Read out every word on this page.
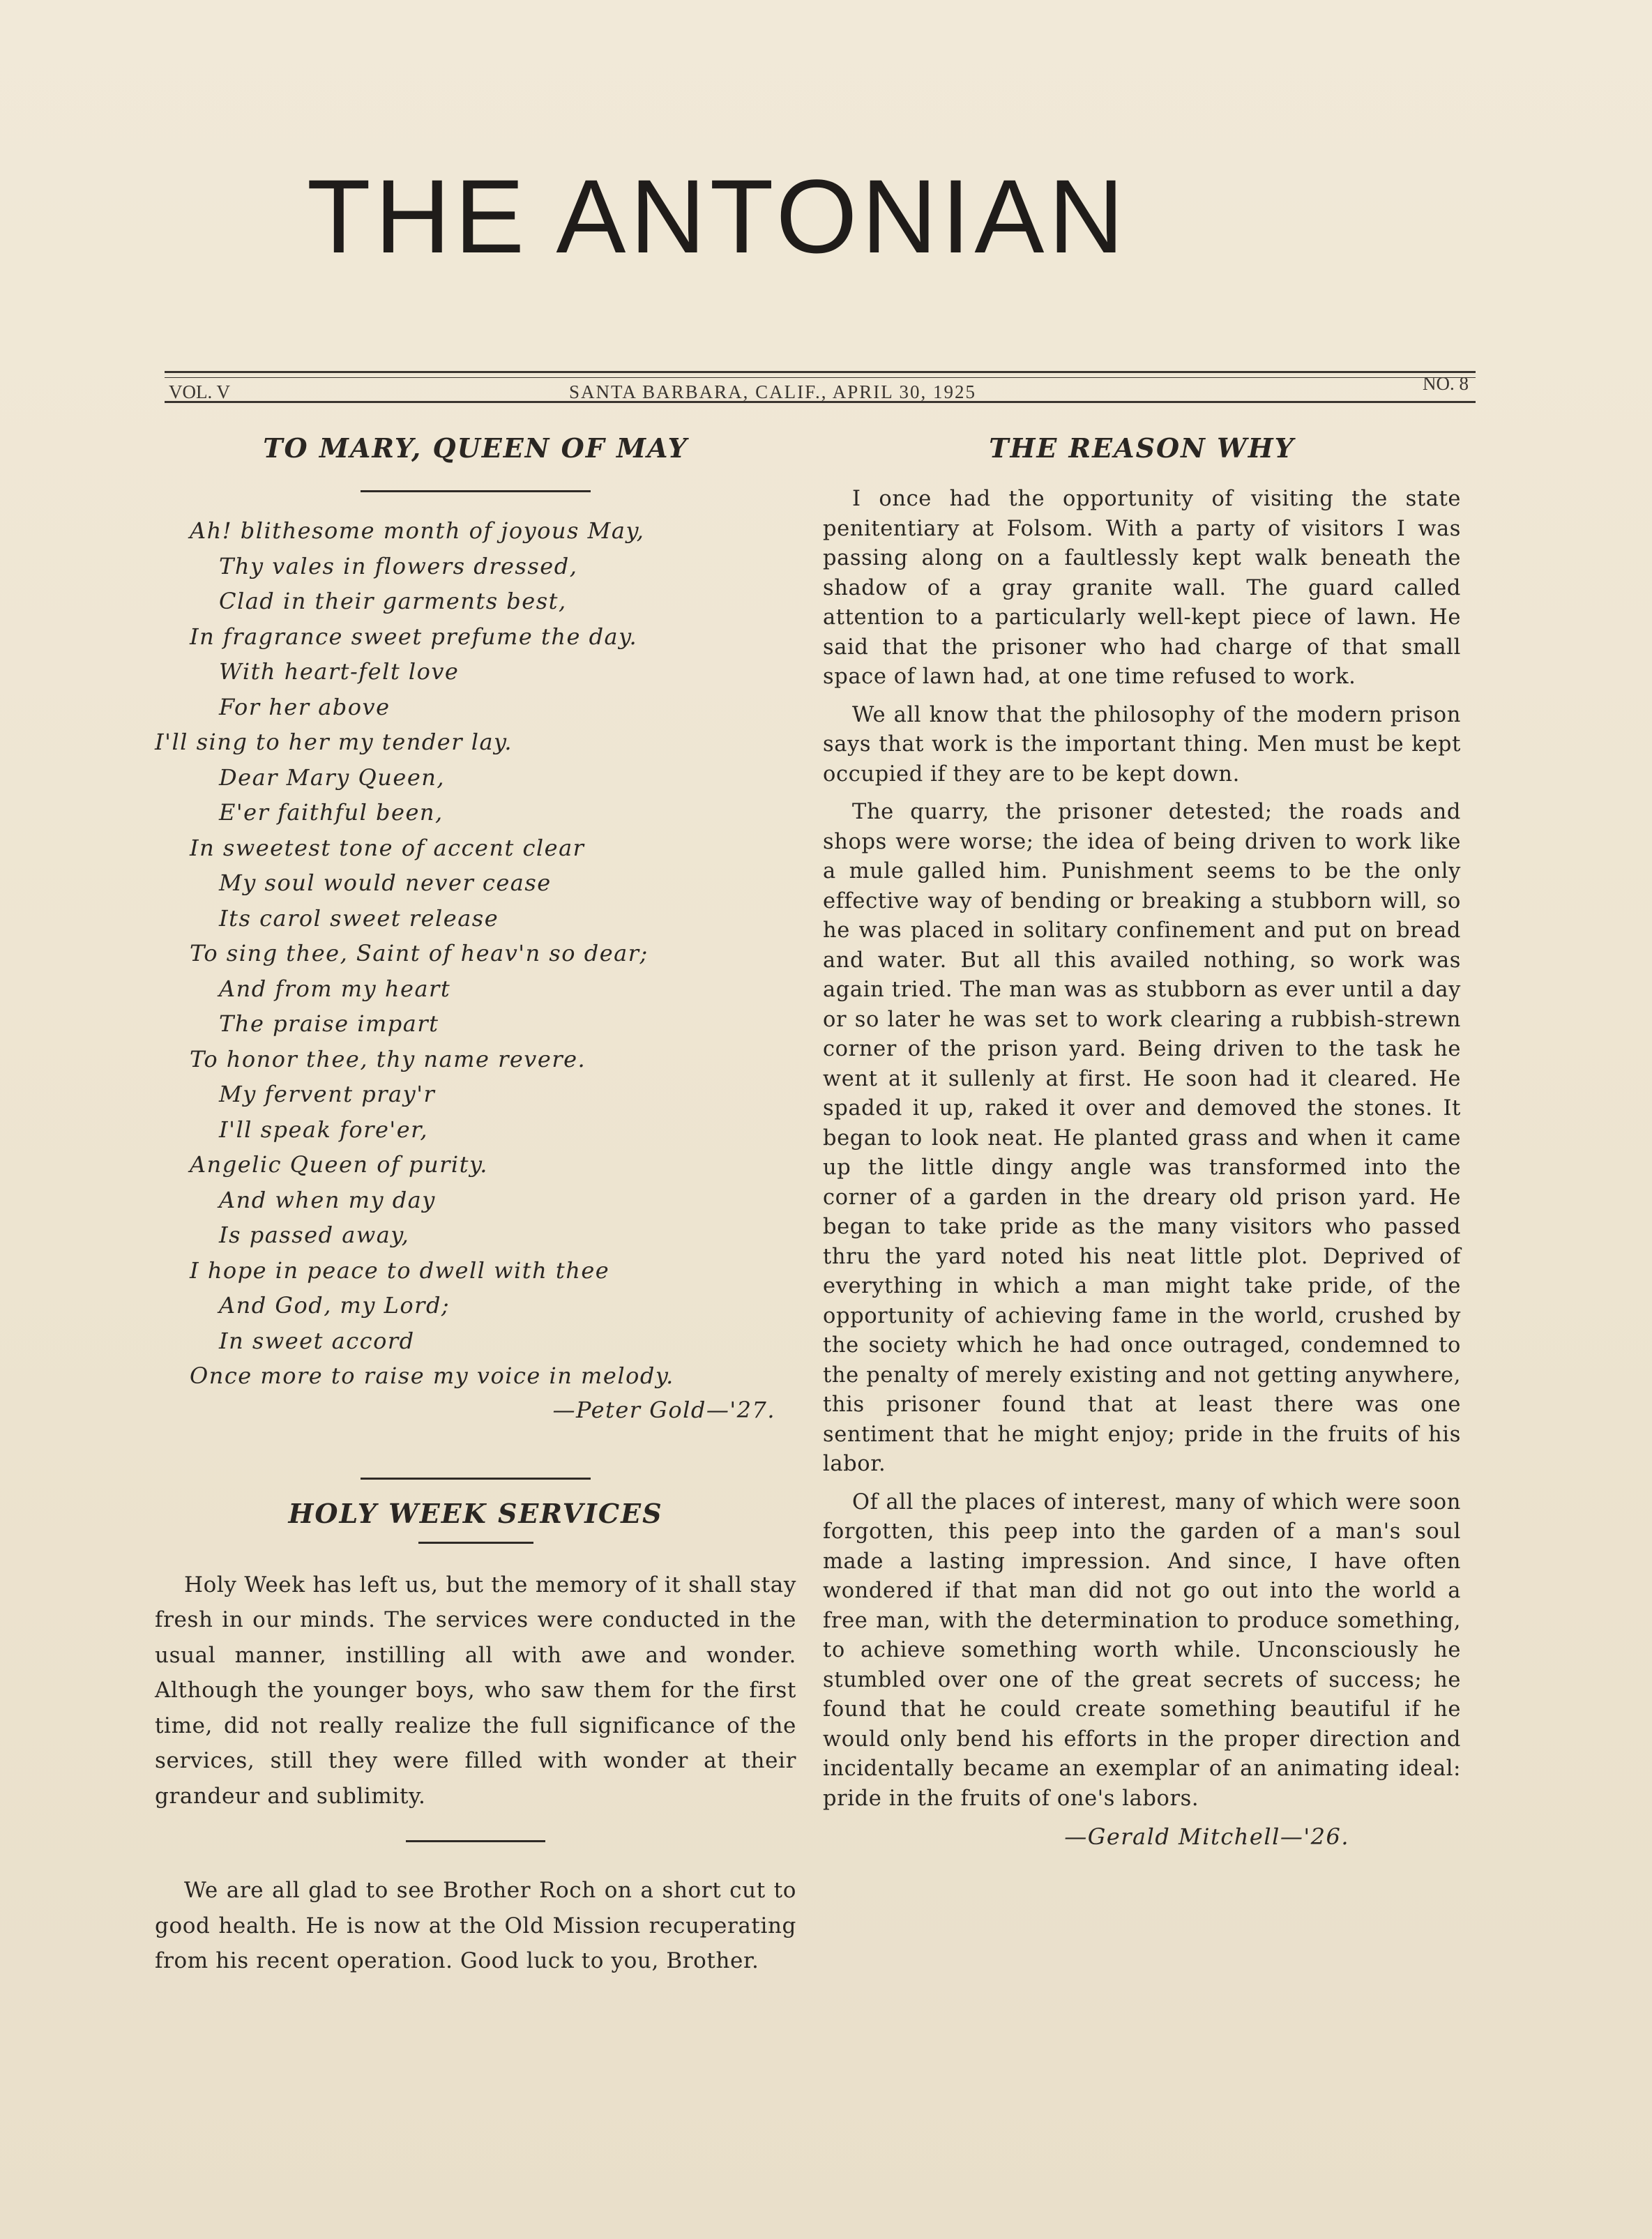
THE ANTONIAN
VOL. V	SANTA BARBARA, CALIF., APRIL 30, 1925	NO. 8
TO MARY, QUEEN OF MAY
Ah! blithesome month of joyous May,
Thy vales in flowers dressed,
Clad in their garments best,
In fragrance sweet prefume the day.
With heart-felt love
For her above
I'll sing to her my tender lay.
Dear Mary Queen,
E'er faithful been,
In sweetest tone of accent clear
My soul would never cease
Its carol sweet release
To sing thee, Saint of heav'n so dear;
And from my heart
The praise impart
To honor thee, thy name revere.
My fervent pray'r
I'll speak fore'er,
Angelic Queen of purity.
And when my day
Is passed away,
I hope in peace to dwell with thee
And God, my Lord;
In sweet accord
Once more to raise my voice in melody.
—Peter Gold—'27.
HOLY WEEK SERVICES

Holy Week has left us, but the memory of it shall stay fresh in our minds. The services were conducted in the usual manner, instilling all with awe and wonder. Although the younger boys, who saw them for the first time, did not really realize the full significance of the services, still they were filled with wonder at their grandeur and sublimity.

We are all glad to see Brother Roch on a short cut to good health. He is now at the Old Mission recuperating from his recent operation. Good luck to you, Brother.

THE REASON WHY

I once had the opportunity of visiting the state penitentiary at Folsom. With a party of visitors I was passing along on a faultlessly kept walk beneath the shadow of a gray granite wall. The guard called attention to a particularly well-kept piece of lawn. He said that the prisoner who had charge of that small space of lawn had, at one time refused to work.

We all know that the philosophy of the modern prison says that work is the important thing. Men must be kept occupied if they are to be kept down.

The quarry, the prisoner detested; the roads and shops were worse; the idea of being driven to work like a mule galled him. Punishment seems to be the only effective way of bending or breaking a stubborn will, so he was placed in solitary confinement and put on bread and water. But all this availed nothing, so work was again tried. The man was as stubborn as ever until a day or so later he was set to work clearing a rubbish-strewn corner of the prison yard. Being driven to the task he went at it sullenly at first. He soon had it cleared. He spaded it up, raked it over and demoved the stones. It began to look neat. He planted grass and when it came up the little dingy angle was transformed into the corner of a garden in the dreary old prison yard. He began to take pride as the many visitors who passed thru the yard noted his neat little plot. Deprived of everything in which a man might take pride, of the opportunity of achieving fame in the world, crushed by the society which he had once outraged, condemned to the penalty of merely existing and not getting anywhere, this prisoner found that at least there was one sentiment that he might enjoy; pride in the fruits of his labor.

Of all the places of interest, many of which were soon forgotten, this peep into the garden of a man's soul made a lasting impression. And since, I have often wondered if that man did not go out into the world a free man, with the determination to produce something, to achieve something worth while. Unconsciously he stumbled over one of the great secrets of success; he found that he could create something beautiful if he would only bend his efforts in the proper direction and incidentally became an exemplar of an animating ideal: pride in the fruits of one's labors.

—Gerald Mitchell—'26.
